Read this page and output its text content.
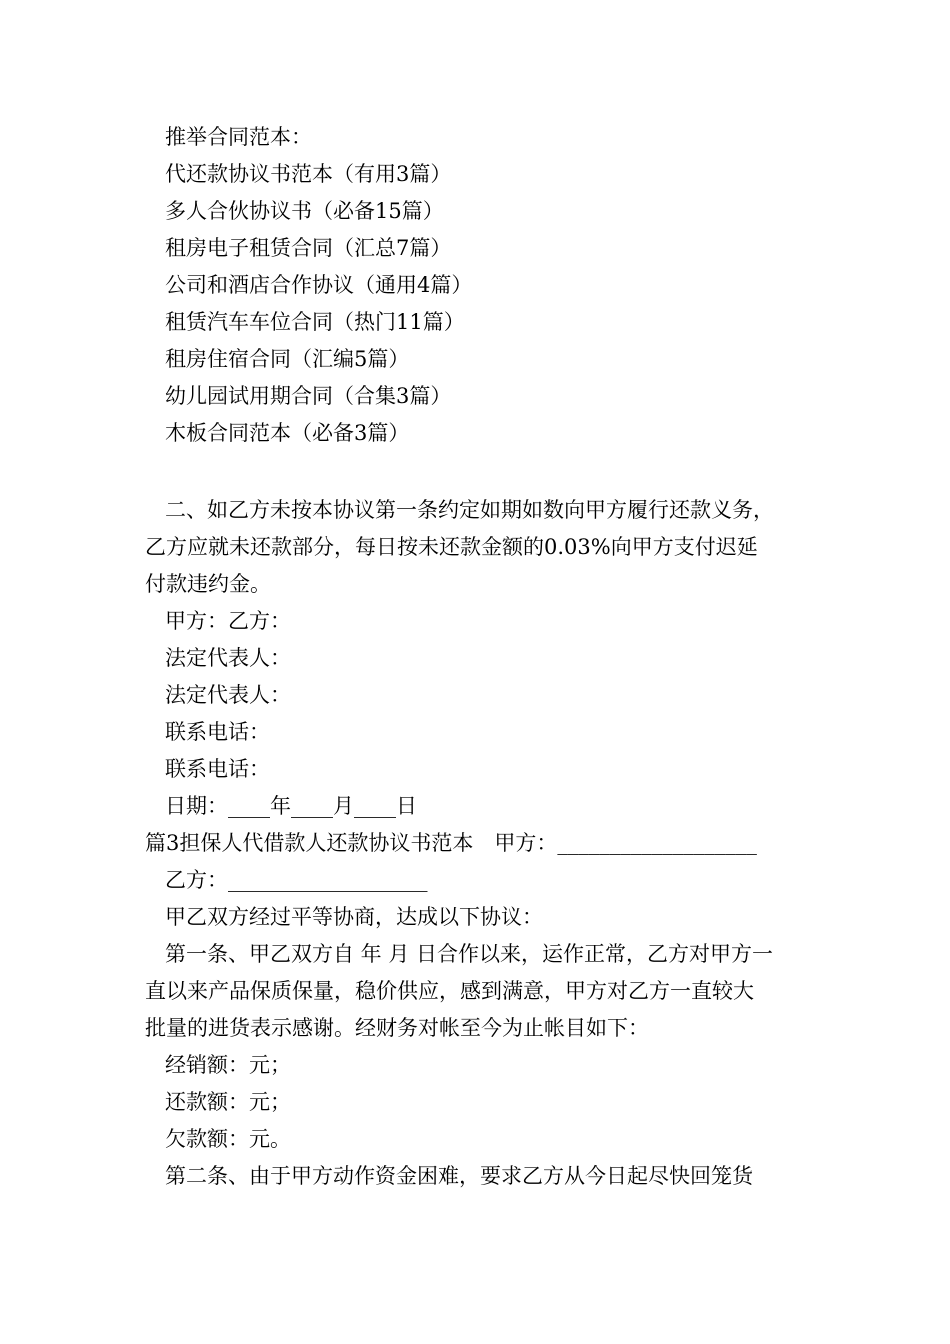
推举合同范本：
代还款协议书范本（有用3篇）
多人合伙协议书（必备15篇）
租房电子租赁合同（汇总7篇）
公司和酒店合作协议（通用4篇）
租赁汽车车位合同（热门11篇）
租房住宿合同（汇编5篇）
幼儿园试用期合同（合集3篇）
木板合同范本（必备3篇）
二、如乙方未按本协议第一条约定如期如数向甲方履行还款义务，
乙方应就未还款部分，每日按未还款金额的0.03%向甲方支付迟延
付款违约金。
甲方：乙方：
法定代表人：
法定代表人：
联系电话：
联系电话：
日期：____年____月____日
篇3担保人代借款人还款协议书范本　甲方：___________________
乙方：___________________
甲乙双方经过平等协商，达成以下协议：
第一条、甲乙双方自 年 月 日合作以来，运作正常，乙方对甲方一
直以来产品保质保量，稳价供应，感到满意，甲方对乙方一直较大
批量的进货表示感谢。经财务对帐至今为止帐目如下：
经销额：元；
还款额：元；
欠款额：元。
第二条、由于甲方动作资金困难，要求乙方从今日起尽快回笼货
